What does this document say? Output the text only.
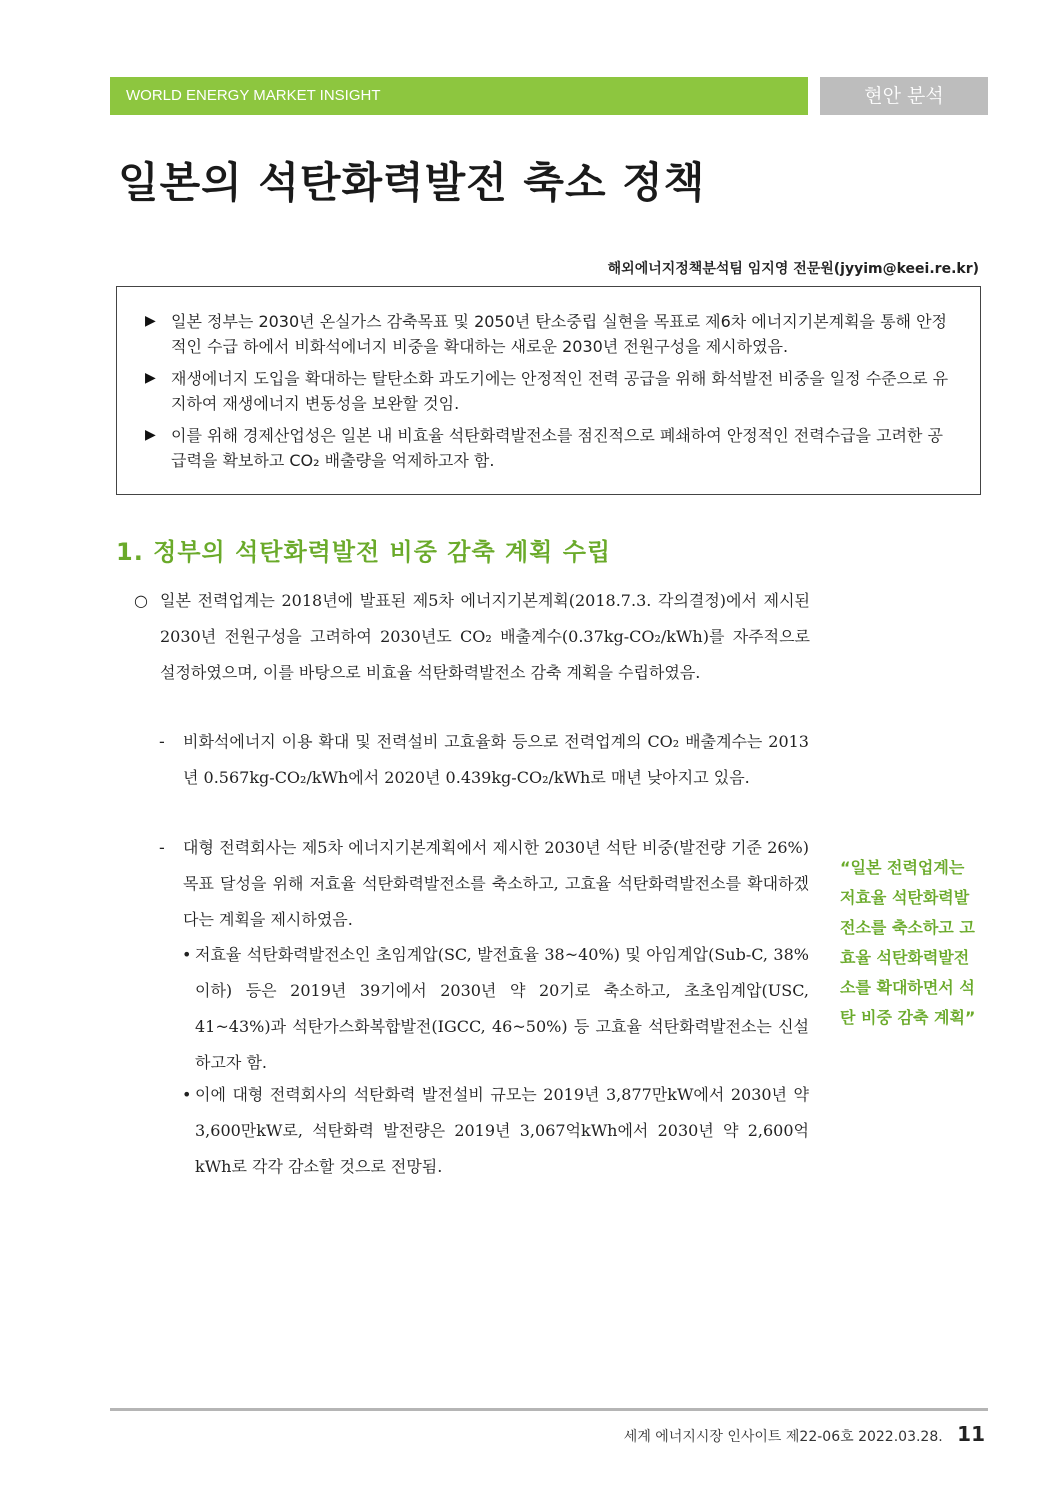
WORLD ENERGY MARKET INSIGHT	현안 분석
일본의 석탄화력발전 축소 정책
해외에너지정책분석팀 임지영 전문원(jyyim@keei.re.kr)
▶ 일본 정부는 2030년 온실가스 감축목표 및 2050년 탄소중립 실현을 목표로 제6차 에너지기본계획을 통해 안정적인 수급 하에서 비화석에너지 비중을 확대하는 새로운 2030년 전원구성을 제시하였음.
▶ 재생에너지 도입을 확대하는 탈탄소화 과도기에는 안정적인 전력 공급을 위해 화석발전 비중을 일정 수준으로 유지하여 재생에너지 변동성을 보완할 것임.
▶ 이를 위해 경제산업성은 일본 내 비효율 석탄화력발전소를 점진적으로 폐쇄하여 안정적인 전력수급을 고려한 공급력을 확보하고 CO₂ 배출량을 억제하고자 함.
1. 정부의 석탄화력발전 비중 감축 계획 수립
○ 일본 전력업계는 2018년에 발표된 제5차 에너지기본계획(2018.7.3. 각의결정)에서 제시된 2030년 전원구성을 고려하여 2030년도 CO₂ 배출계수(0.37kg-CO₂/kWh)를 자주적으로 설정하였으며, 이를 바탕으로 비효율 석탄화력발전소 감축 계획을 수립하였음.
- 비화석에너지 이용 확대 및 전력설비 고효율화 등으로 전력업계의 CO₂ 배출계수는 2013년 0.567kg-CO₂/kWh에서 2020년 0.439kg-CO₂/kWh로 매년 낮아지고 있음.
- 대형 전력회사는 제5차 에너지기본계획에서 제시한 2030년 석탄 비중(발전량 기준 26%) 목표 달성을 위해 저효율 석탄화력발전소를 축소하고, 고효율 석탄화력발전소를 확대하겠다는 계획을 제시하였음.
• 저효율 석탄화력발전소인 초임계압(SC, 발전효율 38~40%) 및 아임계압(Sub-C, 38% 이하) 등은 2019년 39기에서 2030년 약 20기로 축소하고, 초초임계압(USC, 41~43%)과 석탄가스화복합발전(IGCC, 46~50%) 등 고효율 석탄화력발전소는 신설하고자 함.
• 이에 대형 전력회사의 석탄화력 발전설비 규모는 2019년 3,877만kW에서 2030년 약 3,600만kW로, 석탄화력 발전량은 2019년 3,067억kWh에서 2030년 약 2,600억kWh로 각각 감소할 것으로 전망됨.
“일본 전력업계는 저효율 석탄화력발전소를 축소하고 고효율 석탄화력발전소를 확대하면서 석탄 비중 감축 계획”
세계 에너지시장 인사이트 제22-06호 2022.03.28. 11
